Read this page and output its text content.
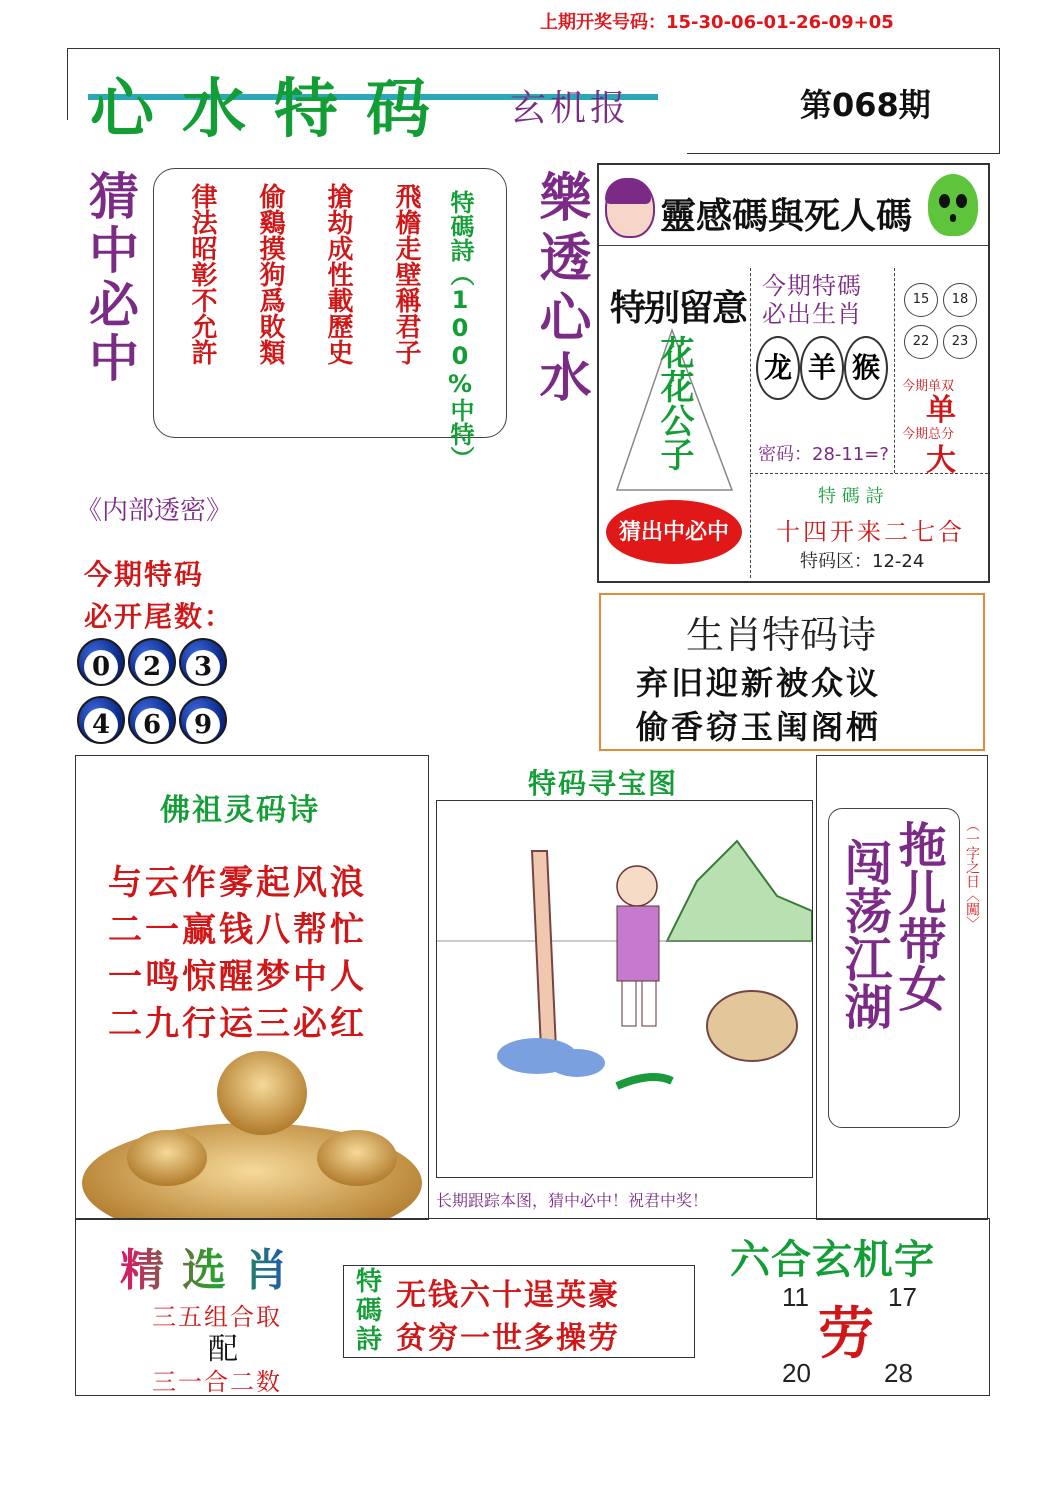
上期开奖号码：15-30-06-01-26-09+05
心水特码 玄机报	第068期
猜中必中 律法昭彰不允許 偷鷄摸狗爲敗類 搶劫成性載歷史 飛檐走壁稱君子 特碼詩（100%中特） 樂透心水
《内部透密》
今期特码
必开尾数：
0	2	3
4	6	9
靈感碼與死人碼
特别留意
花花公子
猜出中必中
今期特碼
必出生肖
龙 羊 猴
密码：28-11=?
15	18
22	23
今期单双
单
今期总分
大
特 碼 詩
十四开来二七合
特码区：12-24
生肖特码诗
弃旧迎新被众议
偷香窃玉闺阁栖
佛祖灵码诗
与云作雾起风浪
二一赢钱八帮忙
一鸣惊醒梦中人
二九行运三必红
特码寻宝图
长期跟踪本图，猜中必中！祝君中奖！
拖儿带女
闯荡江湖	（一字之日〈闖〉
精选肖
三五组合取
配
三一合二数
特碼詩
无钱六十逞英豪
贫穷一世多操劳
六合玄机字
11	17
劳
20	28
